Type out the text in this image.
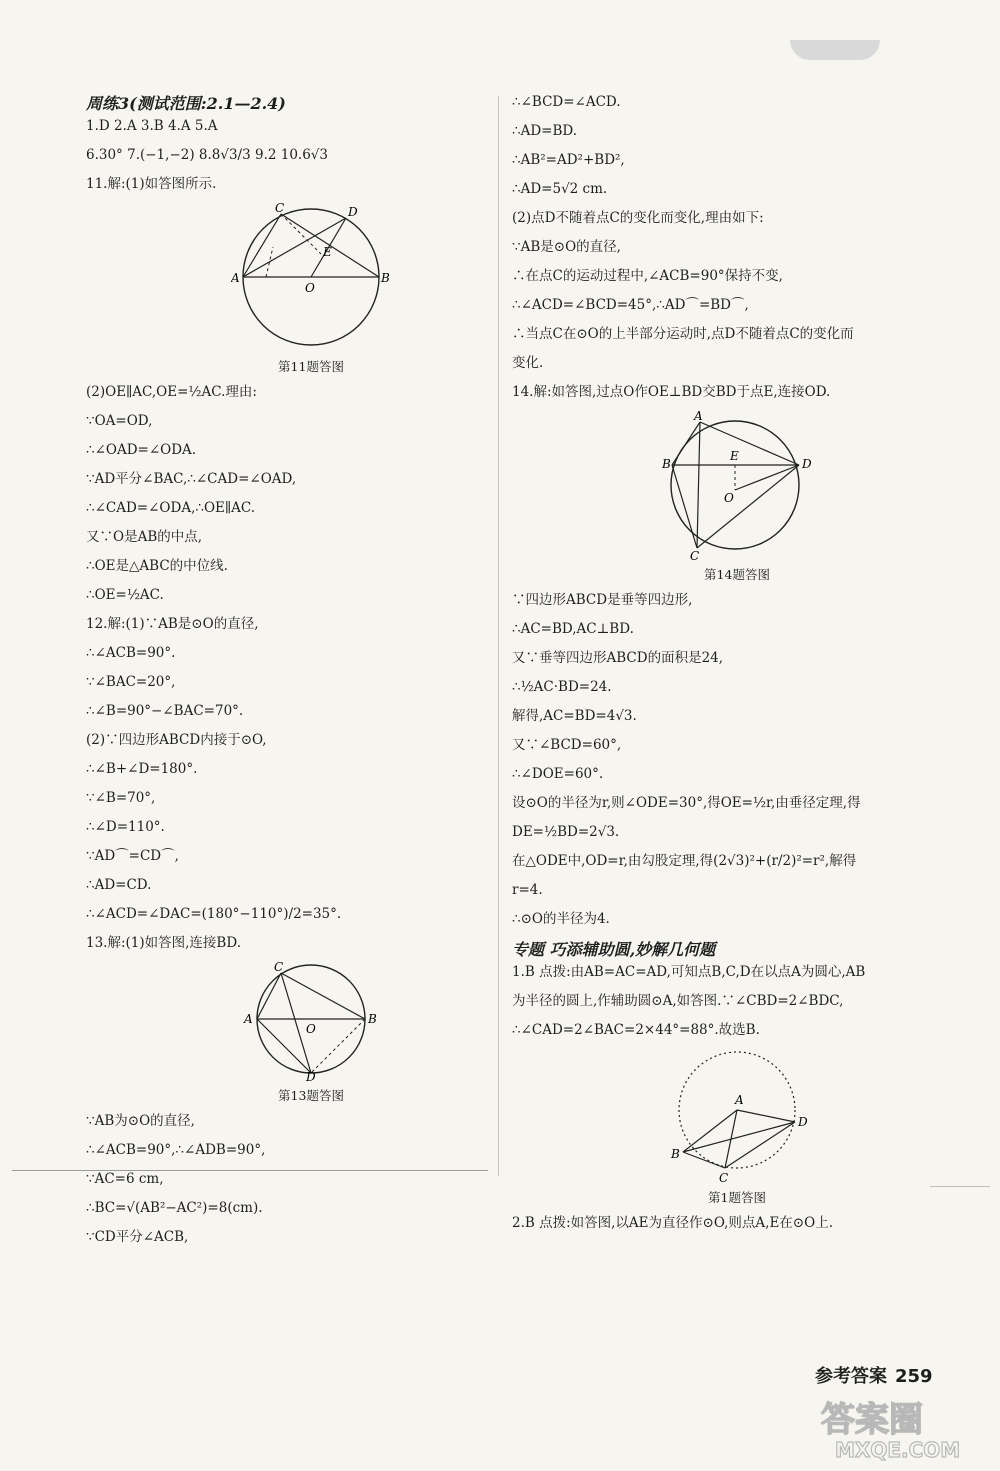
周练3(测试范围:2.1—2.4)

1.D 2.A 3.B 4.A 5.A

6.30° 7.(−1,−2) 8.8√3/3 9.2 10.6√3

11.解:(1)如答图所示.

C	D
E
A
O
B

第11题答图

(2)OE∥AC,OE=½AC.理由:

∵OA=OD,

∴∠OAD=∠ODA.

∵AD平分∠BAC,∴∠CAD=∠OAD,

∴∠CAD=∠ODA,∴OE∥AC.

又∵O是AB的中点,

∴OE是△ABC的中位线.

∴OE=½AC.

12.解:(1)∵AB是⊙O的直径,

∴∠ACB=90°.

∵∠BAC=20°,

∴∠B=90°−∠BAC=70°.

(2)∵四边形ABCD内接于⊙O,

∴∠B+∠D=180°.

∵∠B=70°,

∴∠D=110°.

∵AD⌒=CD⌒,

∴AD=CD.

∴∠ACD=∠DAC=(180°−110°)/2=35°.

13.解:(1)如答图,连接BD.

C
A
O
B
D

第13题答图

∵AB为⊙O的直径,

∴∠ACB=90°,∴∠ADB=90°,

∵AC=6 cm,

∴BC=√(AB²−AC²)=8(cm).

∵CD平分∠ACB,

∴∠BCD=∠ACD.

∴AD=BD.

∴AB²=AD²+BD²,

∴AD=5√2 cm.

(2)点D不随着点C的变化而变化,理由如下:

∵AB是⊙O的直径,

∴在点C的运动过程中,∠ACB=90°保持不变,

∴∠ACD=∠BCD=45°,∴AD⌒=BD⌒,

∴当点C在⊙O的上半部分运动时,点D不随着点C的变化而

变化.

14.解:如答图,过点O作OE⊥BD交BD于点E,连接OD.

A
B
E
D
O
C

第14题答图

∵四边形ABCD是垂等四边形,

∴AC=BD,AC⊥BD.

又∵垂等四边形ABCD的面积是24,

∴½AC·BD=24.

解得,AC=BD=4√3.

又∵∠BCD=60°,

∴∠DOE=60°.

设⊙O的半径为r,则∠ODE=30°,得OE=½r,由垂径定理,得

DE=½BD=2√3.

在△ODE中,OD=r,由勾股定理,得(2√3)²+(r/2)²=r²,解得

r=4.

∴⊙O的半径为4.

专题 巧添辅助圆,妙解几何题

1.B 点拨:由AB=AC=AD,可知点B,C,D在以点A为圆心,AB

为半径的圆上,作辅助圆⊙A,如答图.∵∠CBD=2∠BDC,

∴∠CAD=2∠BAC=2×44°=88°.故选B.

A
D
B
C

第1题答图

2.B 点拨:如答图,以AE为直径作⊙O,则点A,E在⊙O上.

参考答案 259
答案圈
MXQE.COM
